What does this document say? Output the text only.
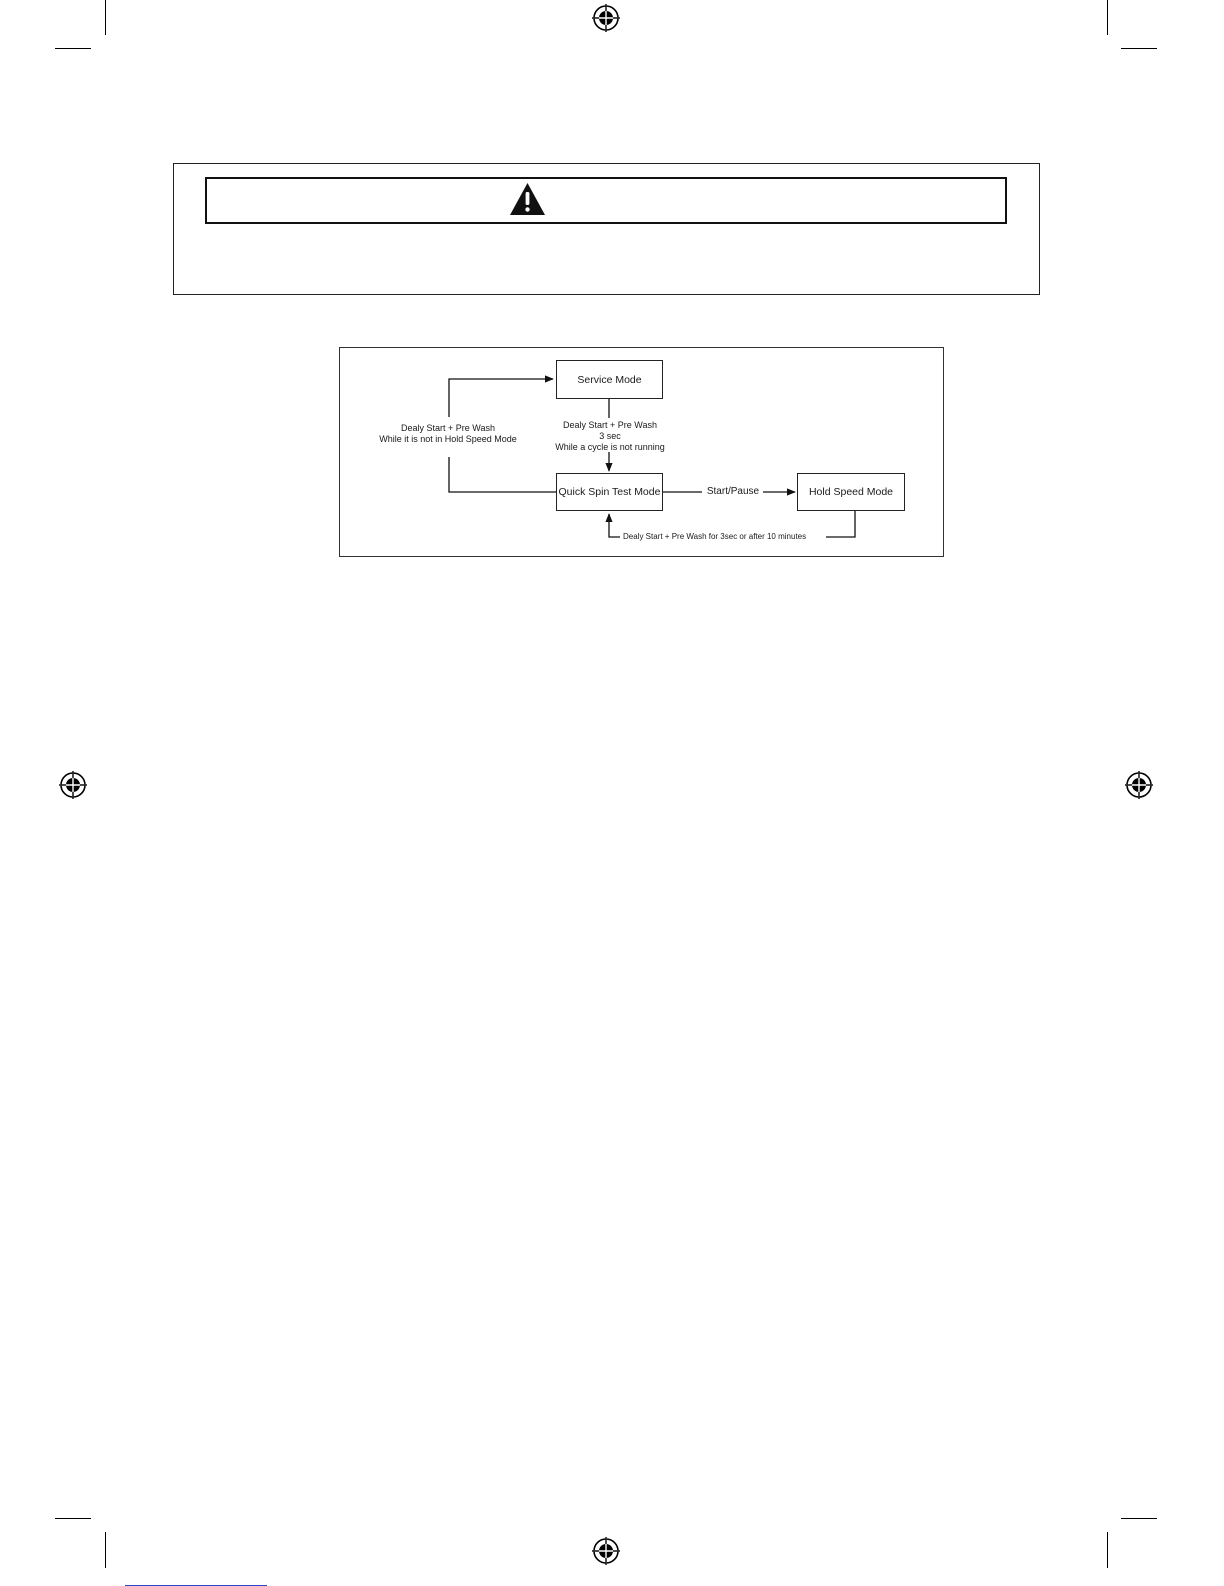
Service Mode
Quick Spin Test Mode	Hold Speed Mode
Dealy Start + Pre Wash
While it is not in Hold Speed Mode
Dealy Start + Pre Wash
3 sec
While a cycle is not running
Start/Pause
Dealy Start + Pre Wash for 3sec or after 10 minutes
